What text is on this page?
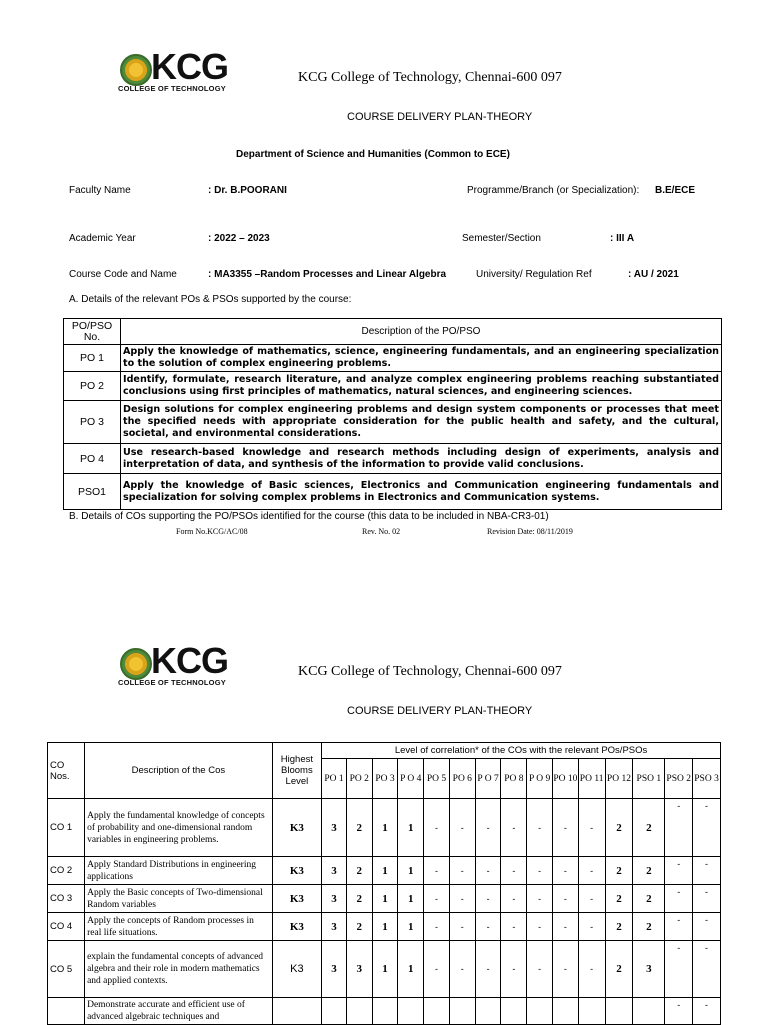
KCG
COLLEGE OF TECHNOLOGY
KCG College of Technology, Chennai-600 097
COURSE DELIVERY PLAN-THEORY
Department of Science and Humanities (Common to ECE)
Faculty Name	: Dr. B.POORANI	Programme/Branch (or Specialization): B.E/ECE
Academic Year	: 2022 – 2023	Semester/Section	: III A
Course Code and Name	: MA3355 –Random Processes and Linear Algebra	University/ Regulation Ref	: AU / 2021
A. Details of the relevant POs & PSOs supported by the course:
PO/PSO No.	Description of the PO/PSO
PO 1	Apply the knowledge of mathematics, science, engineering fundamentals, and an engineering specialization to the solution of complex engineering problems.
PO 2	Identify, formulate, research literature, and analyze complex engineering problems reaching substantiated conclusions using first principles of mathematics, natural sciences, and engineering sciences.
PO 3	Design solutions for complex engineering problems and design system components or processes that meet the specified needs with appropriate consideration for the public health and safety, and the cultural, societal, and environmental considerations.
PO 4	Use research-based knowledge and research methods including design of experiments, analysis and interpretation of data, and synthesis of the information to provide valid conclusions.
PSO1	Apply the knowledge of Basic sciences, Electronics and Communication engineering fundamentals and specialization for solving complex problems in Electronics and Communication systems.
B. Details of COs supporting the PO/PSOs identified for the course (this data to be included in NBA-CR3-01)
Form No.KCG/AC/08	Rev. No. 02	Revision Date: 08/11/2019
KCG
COLLEGE OF TECHNOLOGY
KCG College of Technology, Chennai-600 097
COURSE DELIVERY PLAN-THEORY
CO Nos.	Description of the Cos	Highest Blooms Level	Level of correlation* of the COs with the relevant POs/PSOs														
			PO 1	PO 2	PO 3	P O 4	PO 5	PO 6	P O 7	PO 8	P O 9	PO 10	PO 11	PO 12	PSO 1	PSO 2	PSO 3
CO 1	Apply the fundamental knowledge of concepts of probability and one-dimensional random variables in engineering problems.	K3	3	2	1	1	-	-	-	-	-	-	-	2	2	-	-
CO 2	Apply Standard Distributions in engineering applications	K3	3	2	1	1	-	-	-	-	-	-	-	2	2	-	-
CO 3	Apply the Basic concepts of Two-dimensional Random variables	K3	3	2	1	1	-	-	-	-	-	-	-	2	2	-	-
CO 4	Apply the concepts of Random processes in real life situations.	K3	3	2	1	1	-	-	-	-	-	-	-	2	2	-	-
CO 5	explain the fundamental concepts of advanced algebra and their role in modern mathematics and applied contexts.	K3	3	3	1	1	-	-	-	-	-	-	-	2	3	-	-
	Demonstrate accurate and efficient use of advanced algebraic techniques and															-	-
